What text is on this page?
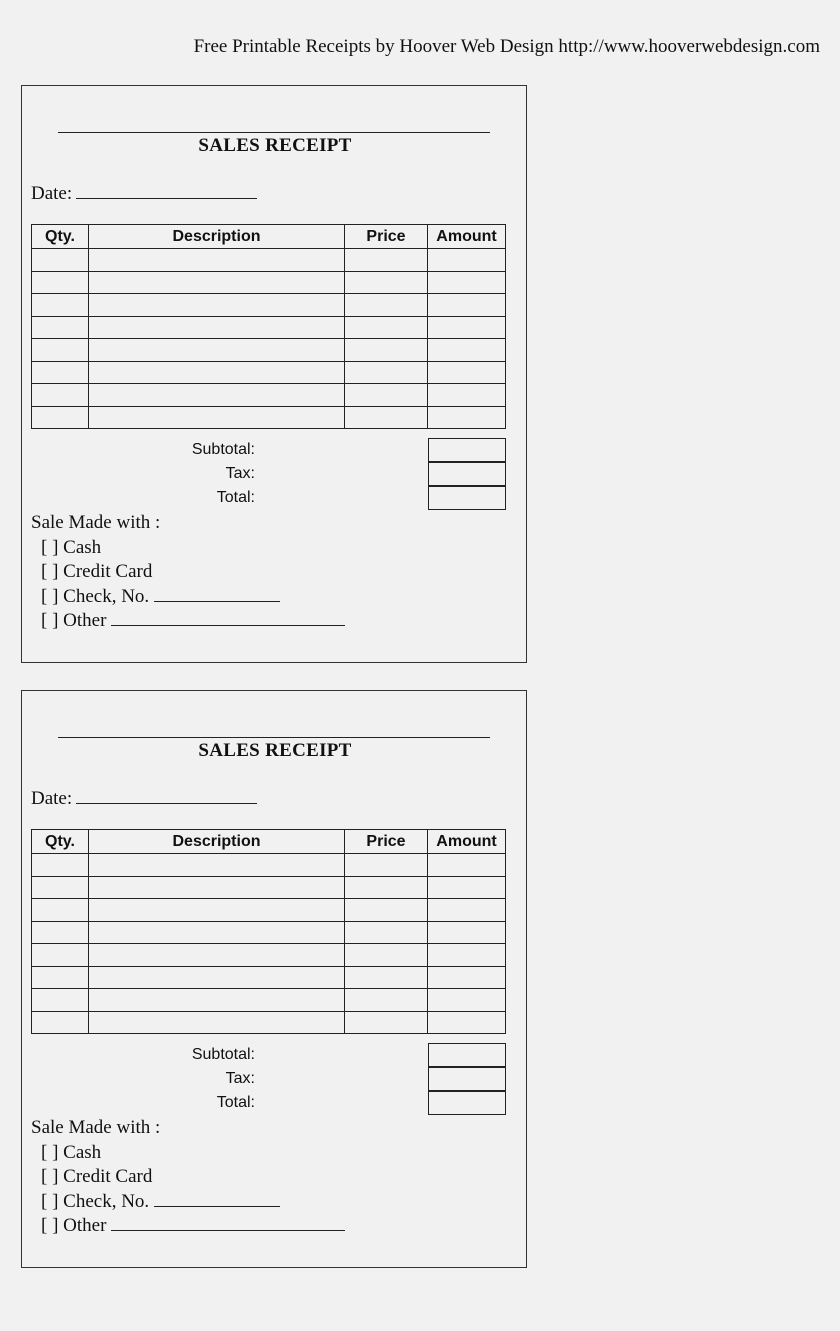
Free Printable Receipts by Hoover Web Design http://www.hooverwebdesign.com
SALES RECEIPT
Date:
Qty.	Description	Price	Amount

Subtotal:
Tax:
Total:
Sale Made with :
[ ] Cash
[ ] Credit Card
[ ] Check, No.
[ ] Other
SALES RECEIPT
Date:
Qty.	Description	Price	Amount

Subtotal:
Tax:
Total:
Sale Made with :
[ ] Cash
[ ] Credit Card
[ ] Check, No.
[ ] Other
